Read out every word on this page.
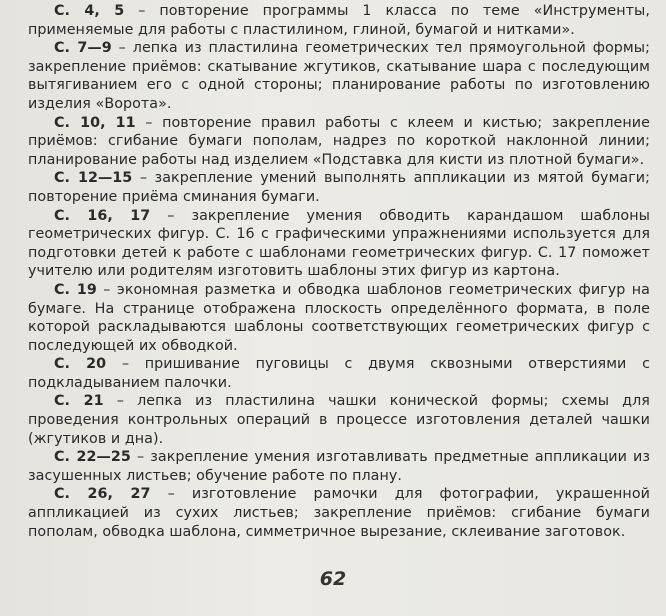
С. 4, 5 – повторение программы 1 класса по теме «Инструменты, применяемые для работы с пластилином, глиной, бумагой и нитками».

С. 7—9 – лепка из пластилина геометрических тел прямоугольной формы; закрепление приёмов: скатывание жгутиков, скатывание шара с последующим вытягиванием его с одной стороны; планирование работы по изготовлению изделия «Ворота».

С. 10, 11 – повторение правил работы с клеем и кистью; закрепление приёмов: сгибание бумаги пополам, надрез по короткой наклонной линии; планирование работы над изделием «Подставка для кисти из плотной бумаги».

С. 12—15 – закрепление умений выполнять аппликации из мятой бумаги; повторение приёма сминания бумаги.

С. 16, 17 – закрепление умения обводить карандашом шаблоны геометрических фигур. С. 16 с графическими упражнениями используется для подготовки детей к работе с шаблонами геометрических фигур. С. 17 поможет учителю или родителям изготовить шаблоны этих фигур из картона.

С. 19 – экономная разметка и обводка шаблонов геометрических фигур на бумаге. На странице отображена плоскость определённого формата, в поле которой раскладываются шаблоны соответствующих геометрических фигур с последующей их обводкой.

С. 20 – пришивание пуговицы с двумя сквозными отверстиями с подкладыванием палочки.

С. 21 – лепка из пластилина чашки конической формы; схемы для проведения контрольных операций в процессе изготовления деталей чашки (жгутиков и дна).

С. 22—25 – закрепление умения изготавливать предметные аппликации из засушенных листьев; обучение работе по плану.

С. 26, 27 – изготовление рамочки для фотографии, украшенной аппликацией из сухих листьев; закрепление приёмов: сгибание бумаги пополам, обводка шаблона, симметричное вырезание, склеивание заготовок.

62
